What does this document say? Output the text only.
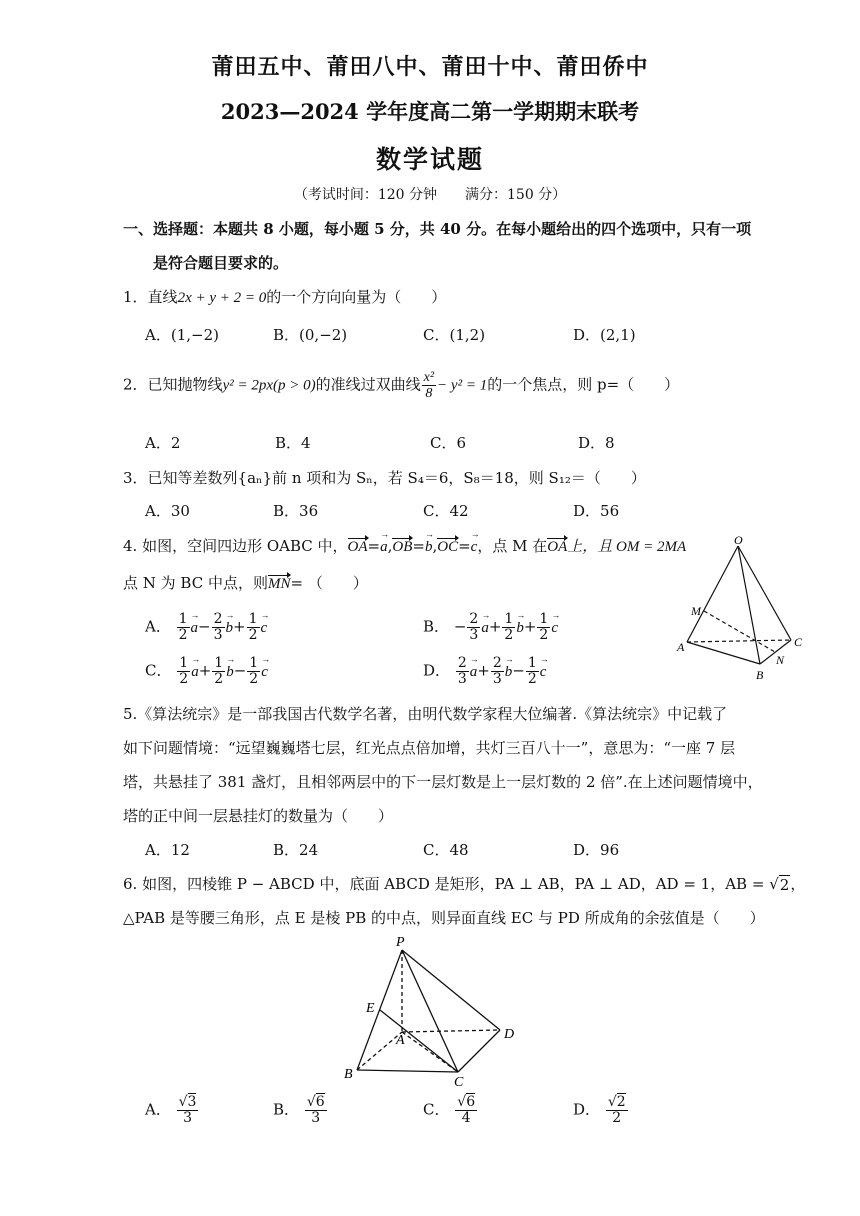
莆田五中、莆田八中、莆田十中、莆田侨中
2023—2024 学年度高二第一学期期末联考
数学试题
（考试时间：120 分钟　　满分：150 分）
一、选择题：本题共 8 小题，每小题 5 分，共 40 分。在每小题给出的四个选项中，只有一项
是符合题目要求的。
1．直线2x + y + 2 = 0的一个方向向量为（　　）
A．(1,−2)	B．(0,−2)	C．(1,2)	D．(2,1)
2．已知抛物线y² = 2px(p > 0)的准线过双曲线 $\frac{\text{x²}}{8} - y^2 = 1$的一个焦点，则 p=（　　）
A．2	B．4	C．6	D．8
3．已知等差数列{aₙ}前 n 项和为 Sₙ，若 S₄＝6，S₈＝18，则 S₁₂＝（　　）
A．30	B．36	C．42	D．56
4. 如图，空间四边形 OABC 中，OA=→ a,OB=→ b,OC=→ c，点 M 在OA上，且 OM = 2MA
点 N 为 BC 中点，则MN= （　　）
A． $\frac{1}{2}$
→ $a- \frac{2}{3}$
→ $b+ \frac{1}{2}$
→ c	B． − $\frac{2}{3}$
→ $a+ \frac{1}{2}$
→ $b+ \frac{1}{2}$
→ c
C． $\frac{1}{2}$
→ $a+ \frac{1}{2}$
→ $b- \frac{1}{2}$
→ c	D． $\frac{2}{3}$
→ $a+ \frac{2}{3}$
→ $b- \frac{1}{2}$
→ c
O
M
A
B
C
N
5.《算法统宗》是一部我国古代数学名著，由明代数学家程大位编著.《算法统宗》中记载了
如下问题情境：“远望巍巍塔七层，红光点点倍加增，共灯三百八十一”，意思为：“一座 7 层
塔，共悬挂了 381 盏灯，且相邻两层中的下一层灯数是上一层灯数的 2 倍”.在上述问题情境中，
塔的正中间一层悬挂灯的数量为（　　）
A．12	B．24	C．48	D．96
6. 如图，四棱锥 P − ABCD 中，底面 ABCD 是矩形，PA ⊥ AB，PA ⊥ AD，AD = 1，AB = √ 2 ，
△PAB 是等腰三角形，点 E 是棱 PB 的中点，则异面直线 EC 与 PD 所成角的余弦值是（　　）
P
E
A	D
B
C
A． $\frac{√3}{3}$	B． $\frac{√6}{3}$	C． $\frac{√6}{4}$	D． $\frac{√2}{2}$
